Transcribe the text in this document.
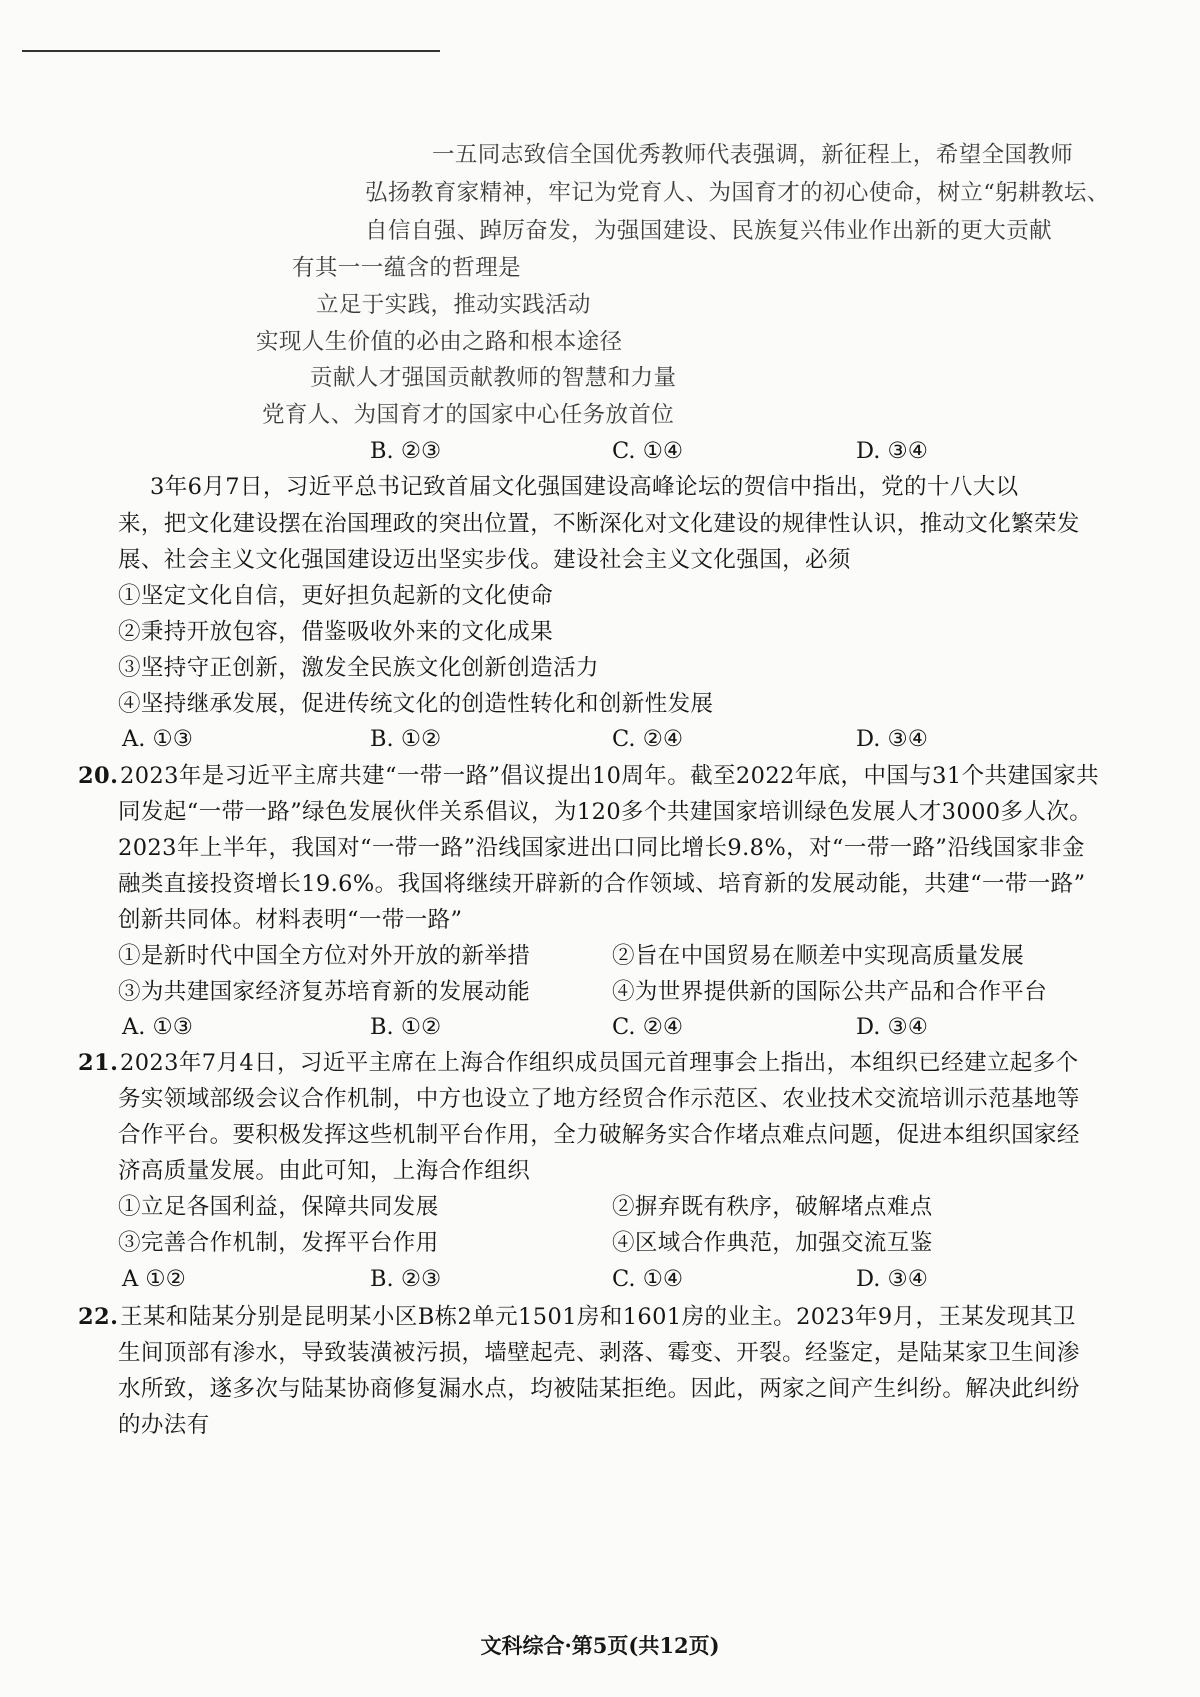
一五同志致信全国优秀教师代表强调，新征程上，希望全国教师
弘扬教育家精神，牢记为党育人、为国育才的初心使命，树立“躬耕教坛、
自信自强、踔厉奋发，为强国建设、民族复兴伟业作出新的更大贡献
有其一一蕴含的哲理是
立足于实践，推动实践活动
实现人生价值的必由之路和根本途径
贡献人才强国贡献教师的智慧和力量
党育人、为国育才的国家中心任务放首位
B. ②③	C. ①④	D. ③④
3年6月7日，习近平总书记致首届文化强国建设高峰论坛的贺信中指出，党的十八大以
来，把文化建设摆在治国理政的突出位置，不断深化对文化建设的规律性认识，推动文化繁荣发
展、社会主义文化强国建设迈出坚实步伐。建设社会主义文化强国，必须
①坚定文化自信，更好担负起新的文化使命
②秉持开放包容，借鉴吸收外来的文化成果
③坚持守正创新，激发全民族文化创新创造活力
④坚持继承发展，促进传统文化的创造性转化和创新性发展
A. ①③	B. ①②	C. ②④	D. ③④
20. 2023年是习近平主席共建“一带一路”倡议提出10周年。截至2022年底，中国与31个共建国家共
同发起“一带一路”绿色发展伙伴关系倡议，为120多个共建国家培训绿色发展人才3000多人次。
2023年上半年，我国对“一带一路”沿线国家进出口同比增长9.8%，对“一带一路”沿线国家非金
融类直接投资增长19.6%。我国将继续开辟新的合作领域、培育新的发展动能，共建“一带一路”
创新共同体。材料表明“一带一路”
①是新时代中国全方位对外开放的新举措	②旨在中国贸易在顺差中实现高质量发展
③为共建国家经济复苏培育新的发展动能	④为世界提供新的国际公共产品和合作平台
A. ①③	B. ①②	C. ②④	D. ③④
21. 2023年7月4日，习近平主席在上海合作组织成员国元首理事会上指出，本组织已经建立起多个
务实领域部级会议合作机制，中方也设立了地方经贸合作示范区、农业技术交流培训示范基地等
合作平台。要积极发挥这些机制平台作用，全力破解务实合作堵点难点问题，促进本组织国家经
济高质量发展。由此可知，上海合作组织
①立足各国利益，保障共同发展	②摒弃既有秩序，破解堵点难点
③完善合作机制，发挥平台作用	④区域合作典范，加强交流互鉴
A ①②	B. ②③	C. ①④	D. ③④
22. 王某和陆某分别是昆明某小区B栋2单元1501房和1601房的业主。2023年9月，王某发现其卫
生间顶部有渗水，导致装潢被污损，墙壁起壳、剥落、霉变、开裂。经鉴定，是陆某家卫生间渗
水所致，遂多次与陆某协商修复漏水点，均被陆某拒绝。因此，两家之间产生纠纷。解决此纠纷
的办法有
文科综合·第5页(共12页)
